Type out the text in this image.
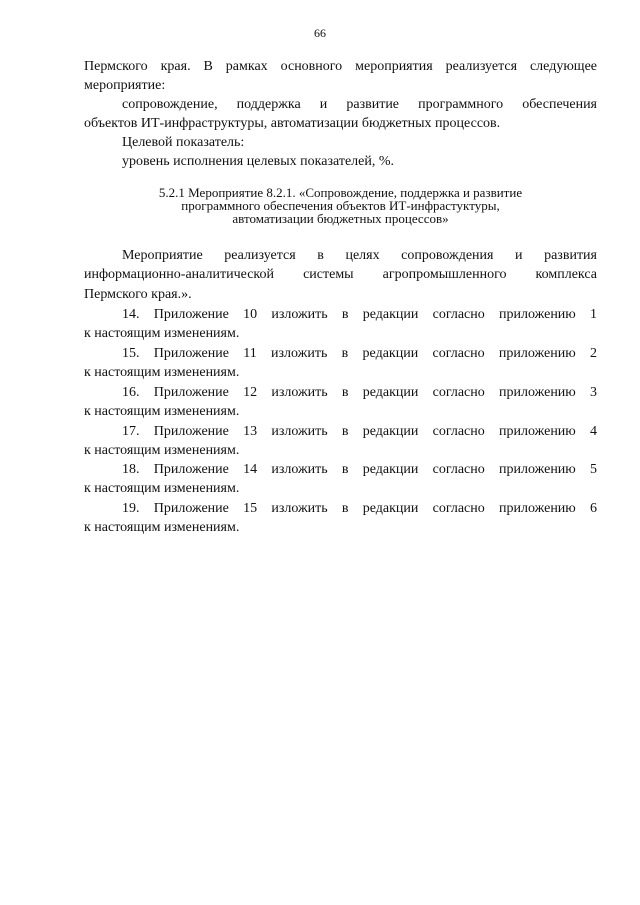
66
Пермского края. В рамках основного мероприятия реализуется следующее
мероприятие:
сопровождение, поддержка и развитие программного обеспечения
объектов ИТ-инфраструктуры, автоматизации бюджетных процессов.
Целевой показатель:
уровень исполнения целевых показателей, %.
5.2.1 Мероприятие 8.2.1. «Сопровождение, поддержка и развитие
программного обеспечения объектов ИТ-инфрастуктуры,
автоматизации бюджетных процессов»
Мероприятие реализуется в целях сопровождения и развития
информационно-аналитической системы агропромышленного комплекса
Пермского края.».
14. Приложение 10 изложить в редакции согласно приложению 1
к настоящим изменениям.
15. Приложение 11 изложить в редакции согласно приложению 2
к настоящим изменениям.
16. Приложение 12 изложить в редакции согласно приложению 3
к настоящим изменениям.
17. Приложение 13 изложить в редакции согласно приложению 4
к настоящим изменениям.
18. Приложение 14 изложить в редакции согласно приложению 5
к настоящим изменениям.
19. Приложение 15 изложить в редакции согласно приложению 6
к настоящим изменениям.
